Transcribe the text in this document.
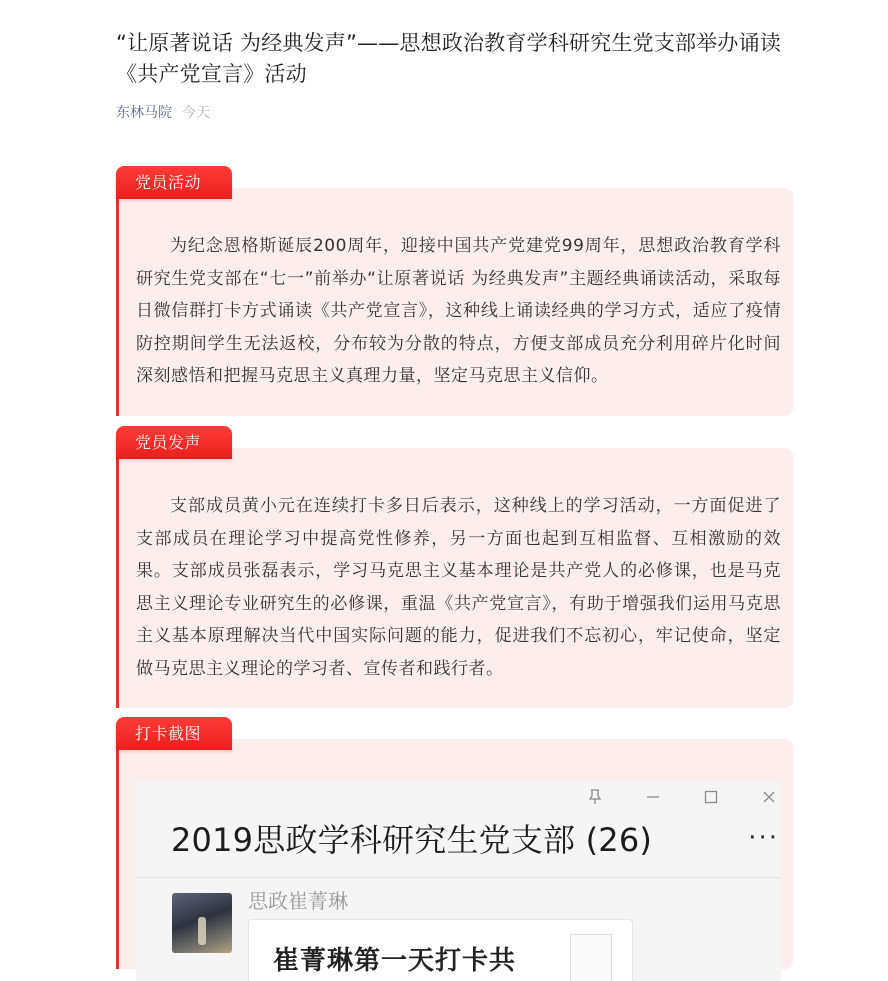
“让原著说话 为经典发声”——思想政治教育学科研究生党支部举办诵读《共产党宣言》活动
东林马院 今天
党员活动
为纪念恩格斯诞辰200周年，迎接中国共产党建党99周年，思想政治教育学科研究生党支部在“七一”前举办“让原著说话 为经典发声”主题经典诵读活动，采取每日微信群打卡方式诵读《共产党宣言》，这种线上诵读经典的学习方式，适应了疫情防控期间学生无法返校，分布较为分散的特点，方便支部成员充分利用碎片化时间深刻感悟和把握马克思主义真理力量，坚定马克思主义信仰。
党员发声
支部成员黄小元在连续打卡多日后表示，这种线上的学习活动，一方面促进了支部成员在理论学习中提高党性修养，另一方面也起到互相监督、互相激励的效果。支部成员张磊表示，学习马克思主义基本理论是共产党人的必修课，也是马克思主义理论专业研究生的必修课，重温《共产党宣言》，有助于增强我们运用马克思主义基本原理解决当代中国实际问题的能力，促进我们不忘初心，牢记使命，坚定做马克思主义理论的学习者、宣传者和践行者。
打卡截图
2019思政学科研究生党支部 (26)	···
思政崔菁琳
崔菁琳第一天打卡共
